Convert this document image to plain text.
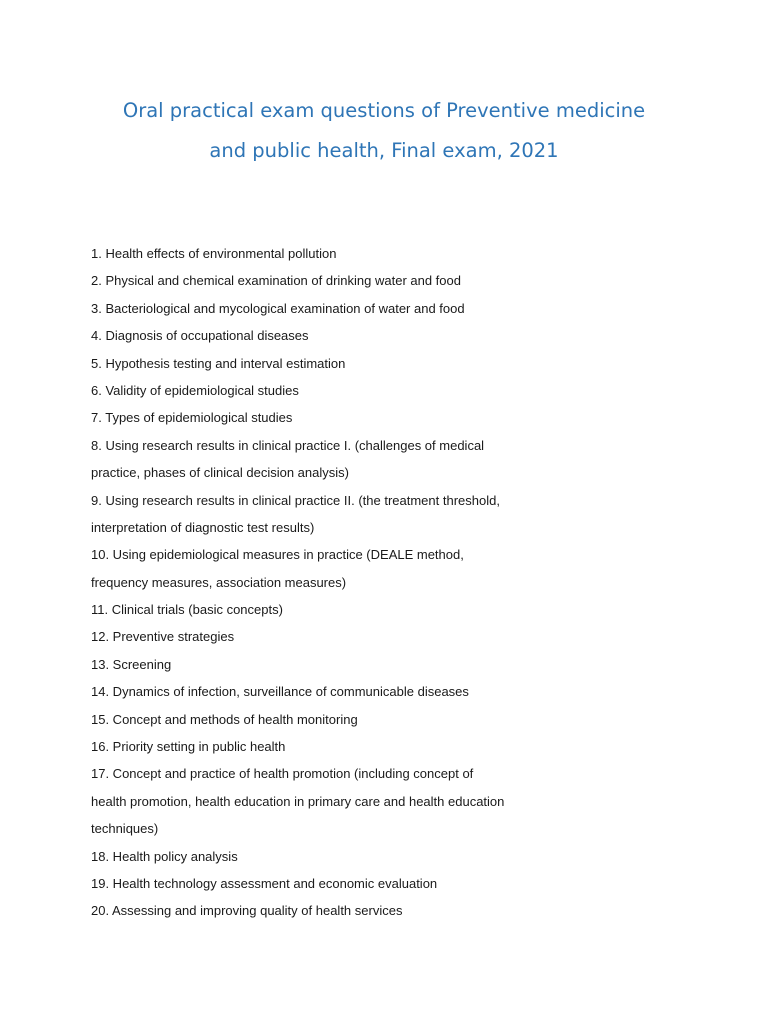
Oral practical exam questions of Preventive medicine
and public health, Final exam, 2021
1. Health effects of environmental pollution
2. Physical and chemical examination of drinking water and food
3. Bacteriological and mycological examination of water and food
4. Diagnosis of occupational diseases
5. Hypothesis testing and interval estimation
6. Validity of epidemiological studies
7. Types of epidemiological studies
8. Using research results in clinical practice I. (challenges of medical
practice, phases of clinical decision analysis)
9. Using research results in clinical practice II. (the treatment threshold,
interpretation of diagnostic test results)
10. Using epidemiological measures in practice (DEALE method,
frequency measures, association measures)
11. Clinical trials (basic concepts)
12. Preventive strategies
13. Screening
14. Dynamics of infection, surveillance of communicable diseases
15. Concept and methods of health monitoring
16. Priority setting in public health
17. Concept and practice of health promotion (including concept of
health promotion, health education in primary care and health education
techniques)
18. Health policy analysis
19. Health technology assessment and economic evaluation
20. Assessing and improving quality of health services
